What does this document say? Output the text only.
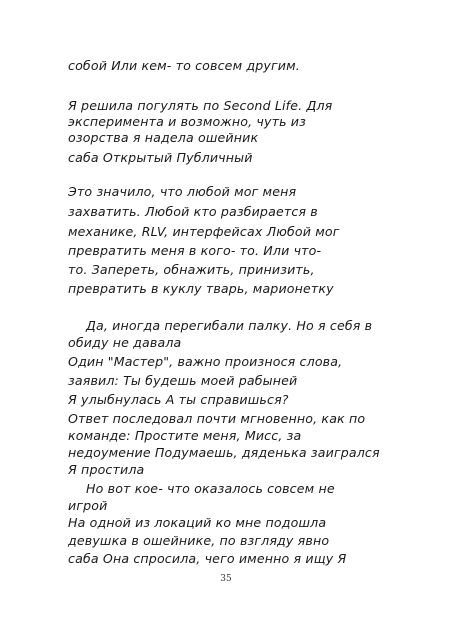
собой Или кем- то совсем другим.
Я решила погулять по Second Life. Для
эксперимента и возможно, чуть из
озорства я надела ошейник
саба Открытый Публичный
Это значило, что любой мог меня
захватить. Любой кто разбирается в
механике, RLV, интерфейсах Любой мог
превратить меня в кого- то. Или что-
то. Запереть, обнажить, принизить,
превратить в куклу тварь, марионетку
Да, иногда перегибали палку. Но я себя в
обиду не давала
Один "Мастер", важно произнося слова,
заявил: Ты будешь моей рабыней
Я улыбнулась А ты справишься?
Ответ последовал почти мгновенно, как по
команде: Простите меня, Мисс, за
недоумение Подумаешь, дяденька заигрался
Я простила
Но вот кое- что оказалось совсем не
игрой
На одной из локаций ко мне подошла
девушка в ошейнике, по взгляду явно
саба Она спросила, чего именно я ищу Я
35
